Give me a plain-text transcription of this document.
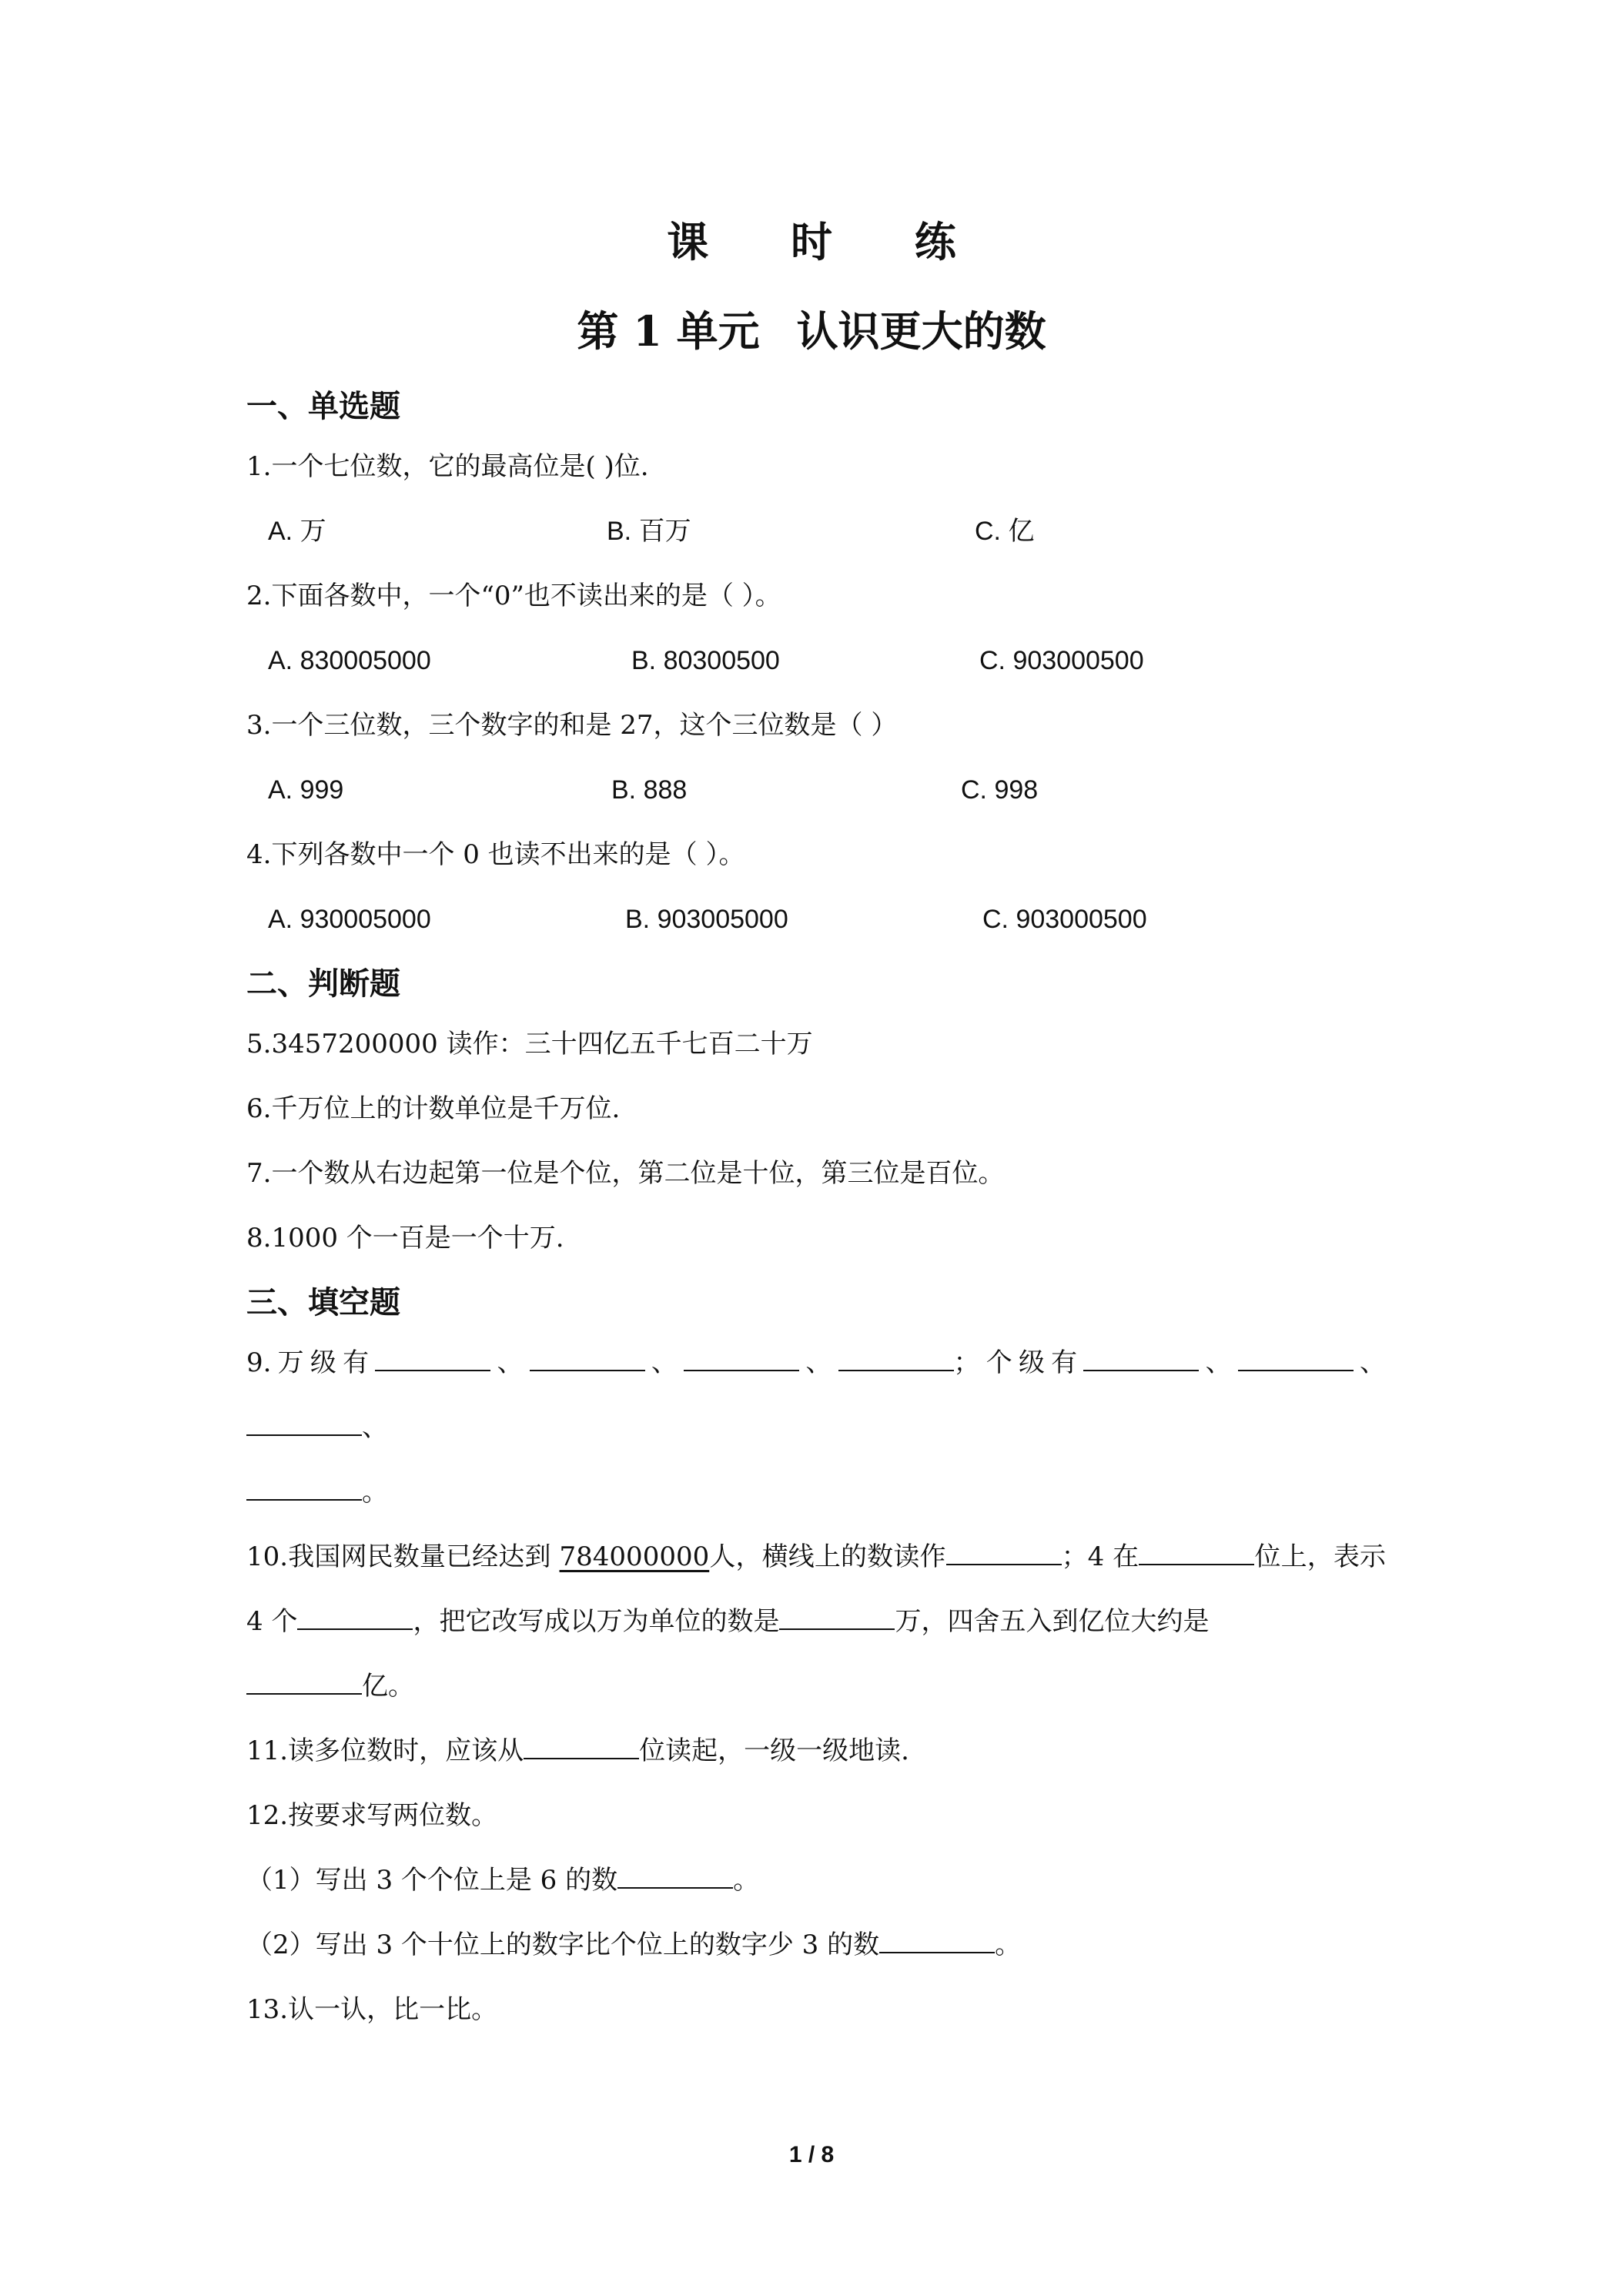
课 时 练
第 1 单元 认识更大的数
一、单选题
1.一个七位数，它的最高位是( )位.
A. 万	B. 百万	C. 亿
2.下面各数中，一个“0”也不读出来的是（ ）。
A. 830005000	B. 80300500	C. 903000500
3.一个三位数，三个数字的和是 27，这个三位数是（ ）
A. 999	B. 888	C. 998
4.下列各数中一个 0 也读不出来的是（ ）。
A. 930005000	B. 903005000	C. 903000500
二、判断题
5.3457200000 读作：三十四亿五千七百二十万
6.千万位上的计数单位是千万位.
7.一个数从右边起第一位是个位，第二位是十位，第三位是百位。
8.1000 个一百是一个十万.
三、填空题
9.万级有	、	、	、	；个级有	、	、、
。
10.我国网民数量已经达到 784000000人，横线上的数读作	；4 在	位上，表示 4 个	，把它改写成以万为单位的数是	万，四舍五入到亿位大约是
亿。
11.读多位数时，应该从	位读起，一级一级地读.
12.按要求写两位数。
（1）写出 3 个个位上是 6 的数	。
（2）写出 3 个十位上的数字比个位上的数字少 3 的数	。
13.认一认，比一比。
1 / 8
